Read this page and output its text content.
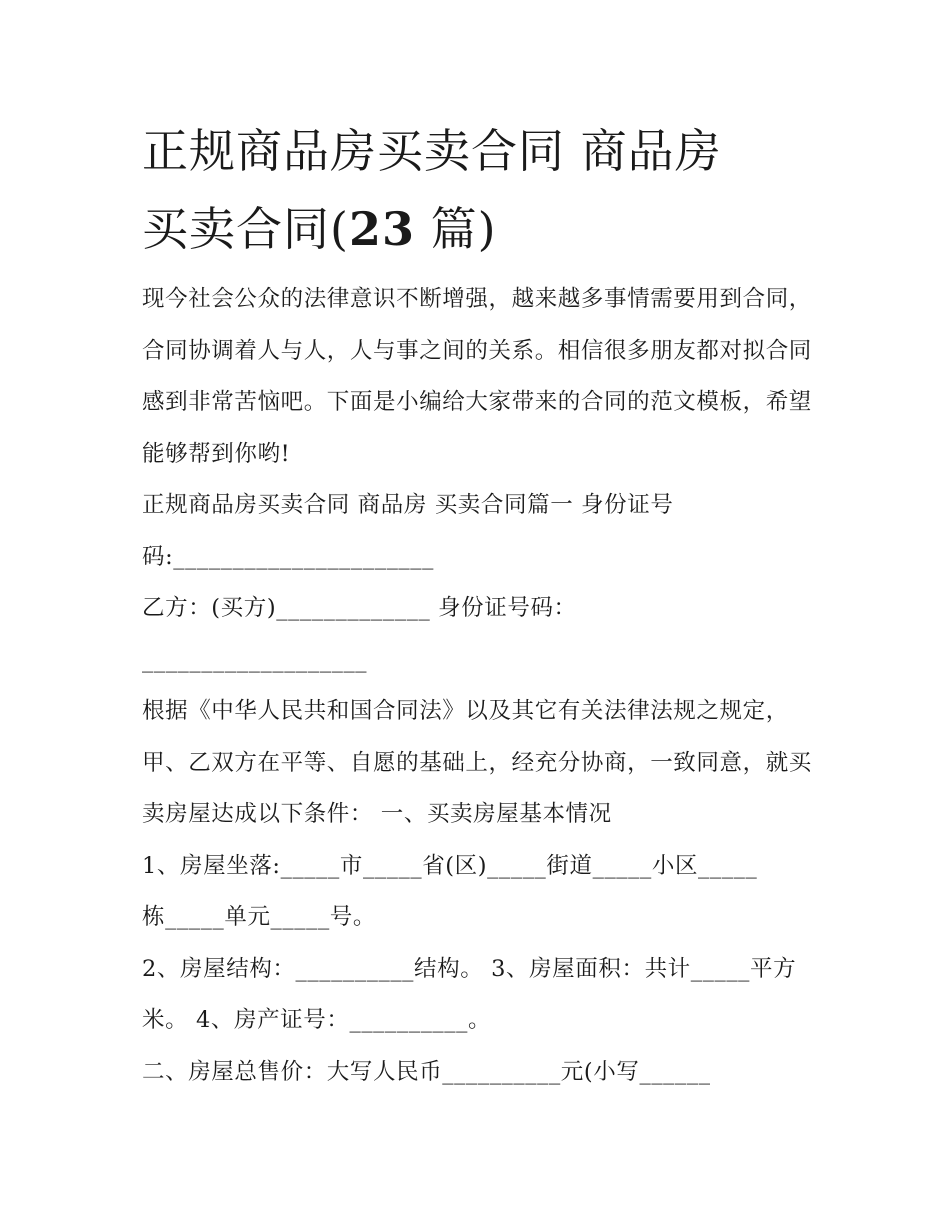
正规商品房买卖合同 商品房
买卖合同(23 篇)

现今社会公众的法律意识不断增强，越来越多事情需要用到合同，合同协调着人与人，人与事之间的关系。相信很多朋友都对拟合同感到非常苦恼吧。下面是小编给大家带来的合同的范文模板，希望能够帮到你哟!

正规商品房买卖合同 商品房 买卖合同篇一 身份证号

码:______________________

乙方：(买方)_____________ 身份证号码：

___________________

根据《中华人民共和国合同法》以及其它有关法律法规之规定，甲、乙双方在平等、自愿的基础上，经充分协商，一致同意，就买卖房屋达成以下条件： 一、买卖房屋基本情况

1、房屋坐落:_____市_____省(区)_____街道_____小区_____

栋_____单元_____号。

2、房屋结构：__________结构。 3、房屋面积：共计_____平方米。 4、房产证号：__________。

二、房屋总售价：大写人民币__________元(小写______
